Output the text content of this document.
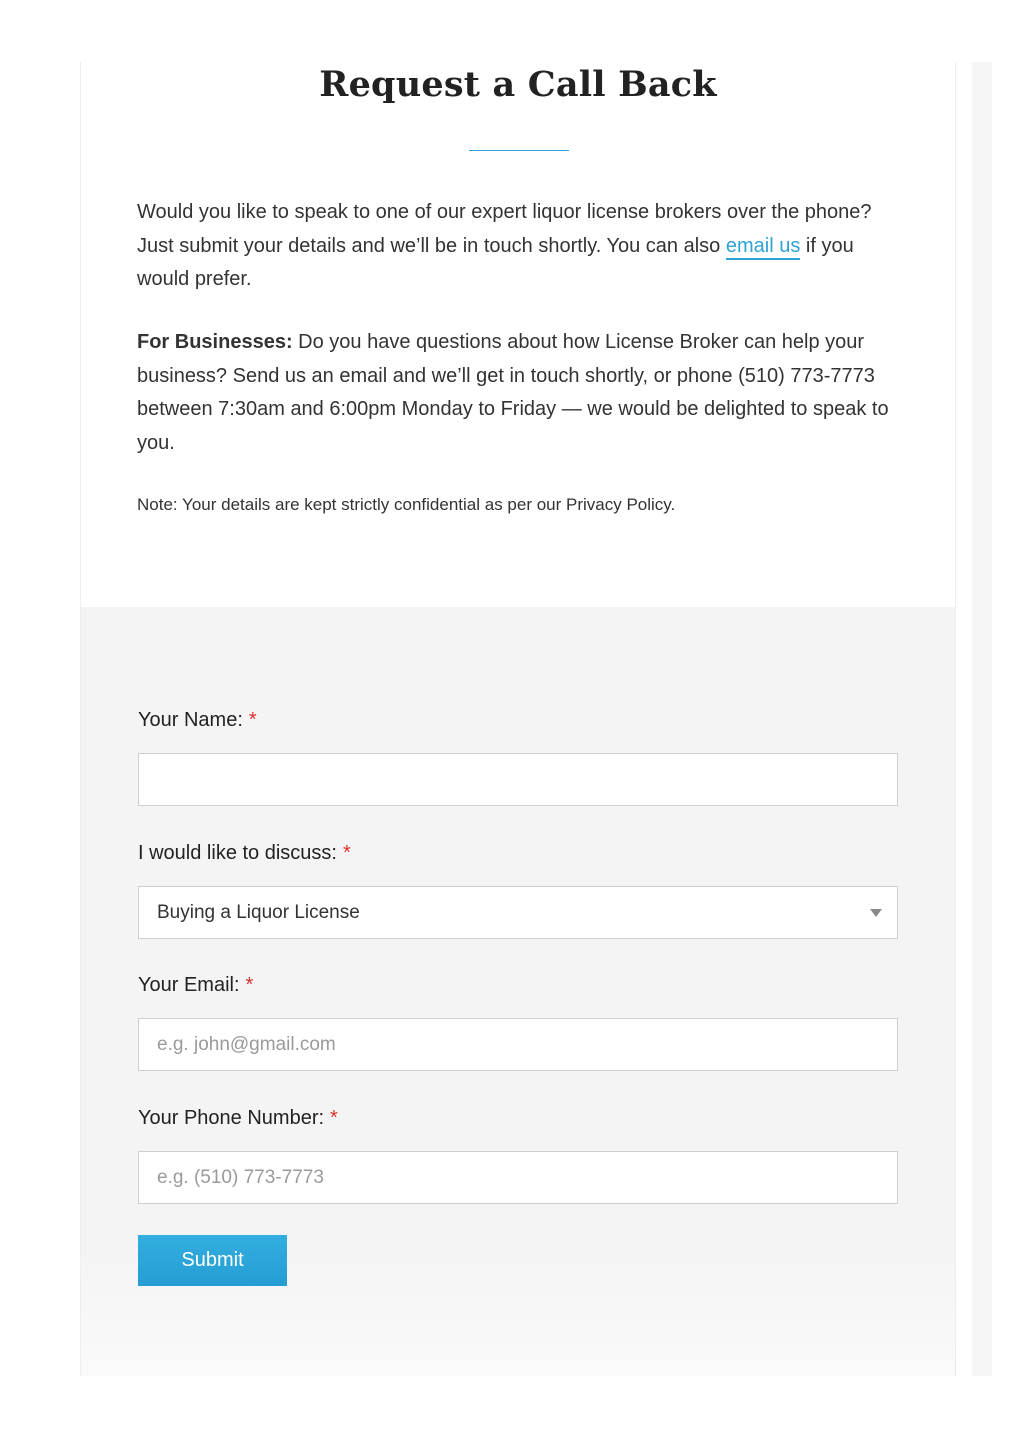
Request a Call Back

Would you like to speak to one of our expert liquor license brokers over the phone? Just submit your details and we’ll be in touch shortly. You can also email us if you would prefer.

For Businesses: Do you have questions about how License Broker can help your business? Send us an email and we’ll get in touch shortly, or phone (510) 773-7773 between 7:30am and 6:00pm Monday to Friday — we would be delighted to speak to you.

Note: Your details are kept strictly confidential as per our Privacy Policy.

Your Name: *
I would like to discuss: *
Buying a Liquor License
Your Email: *
e.g. john@gmail.com
Your Phone Number: *
e.g. (510) 773-7773
Submit
